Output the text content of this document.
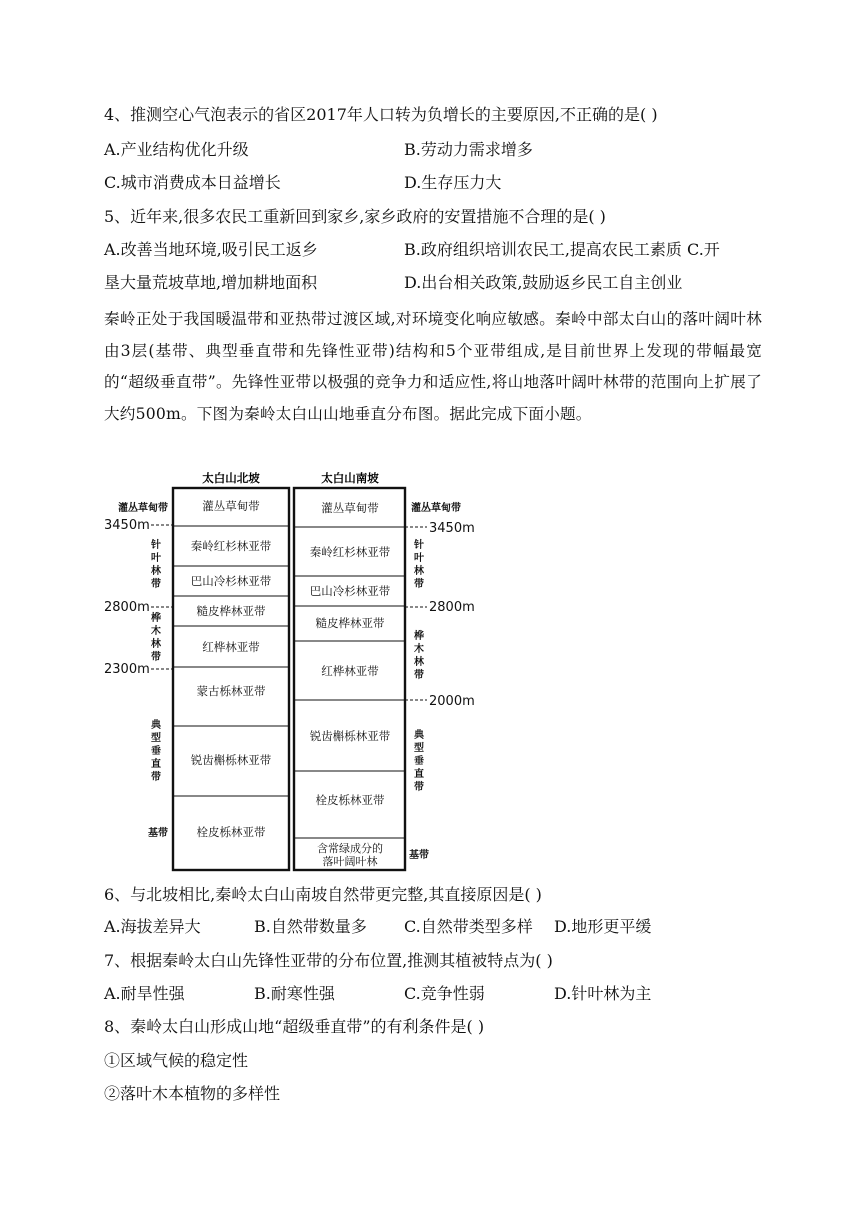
4、推测空心气泡表示的省区2017年人口转为负增长的主要原因,不正确的是( )
A.产业结构优化升级	B.劳动力需求增多
C.城市消费成本日益增长	D.生存压力大
5、近年来,很多农民工重新回到家乡,家乡政府的安置措施不合理的是( )
A.改善当地环境,吸引民工返乡	B.政府组织培训农民工,提高农民工素质 C.开
垦大量荒坡草地,增加耕地面积	D.出台相关政策,鼓励返乡民工自主创业
秦岭正处于我国暖温带和亚热带过渡区域,对环境变化响应敏感。秦岭中部太白山的落叶阔叶林由3层(基带、典型垂直带和先锋性亚带)结构和5个亚带组成,是目前世界上发现的带幅最宽的“超级垂直带”。先锋性亚带以极强的竞争力和适应性,将山地落叶阔叶林带的范围向上扩展了大约500m。下图为秦岭太白山山地垂直分布图。据此完成下面小题。
太白山北坡	太白山南坡
灌丛草甸带
秦岭红杉林亚带
巴山冷杉林亚带
糙皮桦林亚带
红桦林亚带
蒙古栎林亚带
锐齿槲栎林亚带
栓皮栎林亚带
灌丛草甸带
秦岭红杉林亚带
巴山冷杉林亚带
糙皮桦林亚带
红桦林亚带
锐齿槲栎林亚带
栓皮栎林亚带
含常绿成分的
落叶阔叶林
灌丛草甸带
针
叶
林
带
桦
木
林
带
典
型
垂
直
带
基带
3450m
2800m
2300m
灌丛草甸带
针
叶
林
带
桦
木
林
带
典
型
垂
直
带
基带
3450m
2800m
2000m
6、与北坡相比,秦岭太白山南坡自然带更完整,其直接原因是( )
A.海拔差异大	B.自然带数量多 C.自然带类型多样 D.地形更平缓
7、根据秦岭太白山先锋性亚带的分布位置,推测其植被特点为( )
A.耐旱性强	B.耐寒性强	C.竞争性弱	D.针叶林为主
8、秦岭太白山形成山地“超级垂直带”的有利条件是( )
①区域气候的稳定性
②落叶木本植物的多样性
